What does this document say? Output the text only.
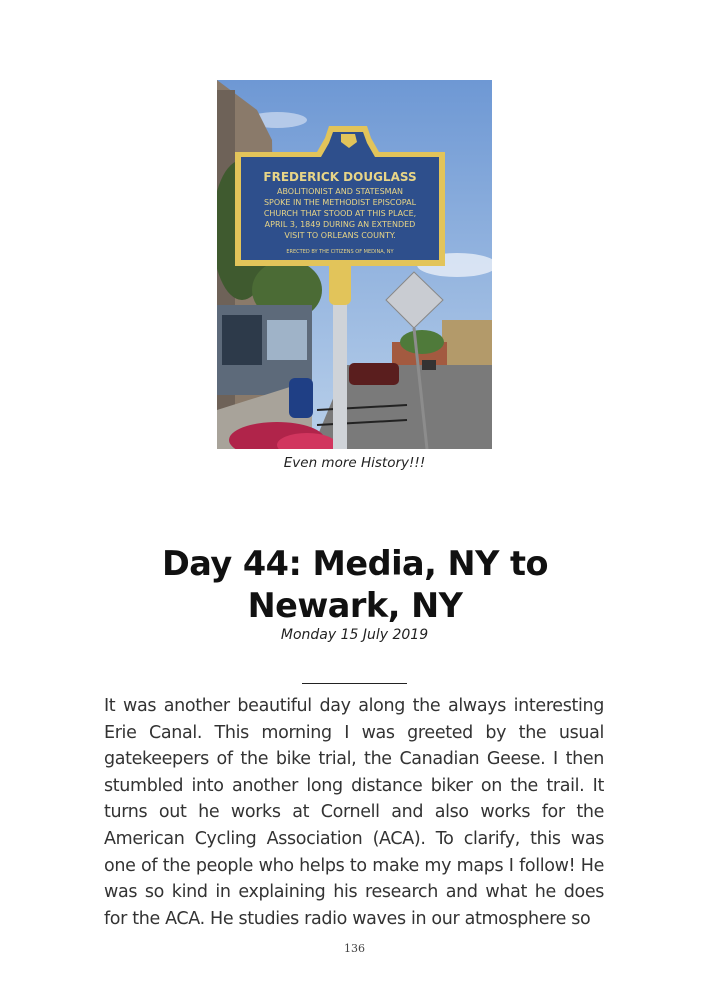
FREDERICK DOUGLASS
ABOLITIONIST AND STATESMAN
SPOKE IN THE METHODIST EPISCOPAL
CHURCH THAT STOOD AT THIS PLACE,
APRIL 3, 1849 DURING AN EXTENDED
VISIT TO ORLEANS COUNTY.
ERECTED BY THE CITIZENS OF MEDINA, NY
Even more History!!!
Day 44: Media, NY to Newark, NY
Monday 15 July 2019

It was another beautiful day along the always interesting Erie Canal. This morning I was greeted by the usual gatekeepers of the bike trial, the Canadian Geese. I then stumbled into another long distance biker on the trail. It turns out he works at Cornell and also works for the American Cycling Association (ACA). To clarify, this was one of the people who helps to make my maps I follow! He was so kind in explaining his research and what he does for the ACA. He studies radio waves in our atmosphere so

136
